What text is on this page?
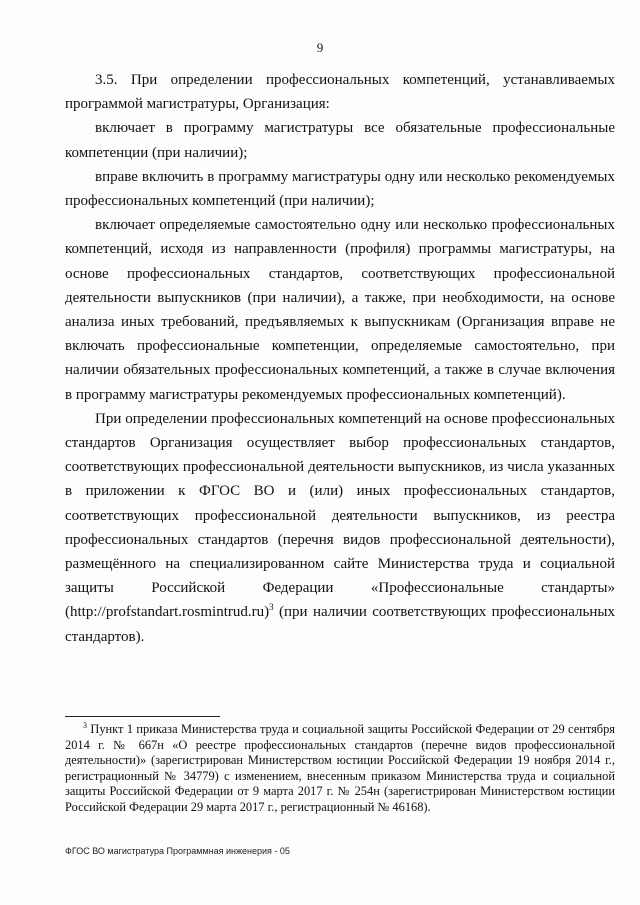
9

3.5. При определении профессиональных компетенций, устанавливаемых программой магистратуры, Организация:

включает в программу магистратуры все обязательные профессиональные компетенции (при наличии);

вправе включить в программу магистратуры одну или несколько рекомендуемых профессиональных компетенций (при наличии);

включает определяемые самостоятельно одну или несколько профессиональных компетенций, исходя из направленности (профиля) программы магистратуры, на основе профессиональных стандартов, соответствующих профессиональной деятельности выпускников (при наличии), а также, при необходимости, на основе анализа иных требований, предъявляемых к выпускникам (Организация вправе не включать профессиональные компетенции, определяемые самостоятельно, при наличии обязательных профессиональных компетенций, а также в случае включения в программу магистратуры рекомендуемых профессиональных компетенций).

При определении профессиональных компетенций на основе профессиональных стандартов Организация осуществляет выбор профессиональных стандартов, соответствующих профессиональной деятельности выпускников, из числа указанных в приложении к ФГОС ВО и (или) иных профессиональных стандартов, соответствующих профессиональной деятельности выпускников, из реестра профессиональных стандартов (перечня видов профессиональной деятельности), размещённого на специализированном сайте Министерства труда и социальной защиты Российской Федерации «Профессиональные стандарты» (http://profstandart.rosmintrud.ru)$^3$ (при наличии соответствующих профессиональных стандартов).

$^3$ Пункт 1 приказа Министерства труда и социальной защиты Российской Федерации от 29 сентября 2014 г. № 667н «О реестре профессиональных стандартов (перечне видов профессиональной деятельности)» (зарегистрирован Министерством юстиции Российской Федерации 19 ноября 2014 г., регистрационный № 34779) с изменением, внесенным приказом Министерства труда и социальной защиты Российской Федерации от 9 марта 2017 г. № 254н (зарегистрирован Министерством юстиции Российской Федерации 29 марта 2017 г., регистрационный № 46168).

ФГОС ВО магистратура Программная инженерия - 05
